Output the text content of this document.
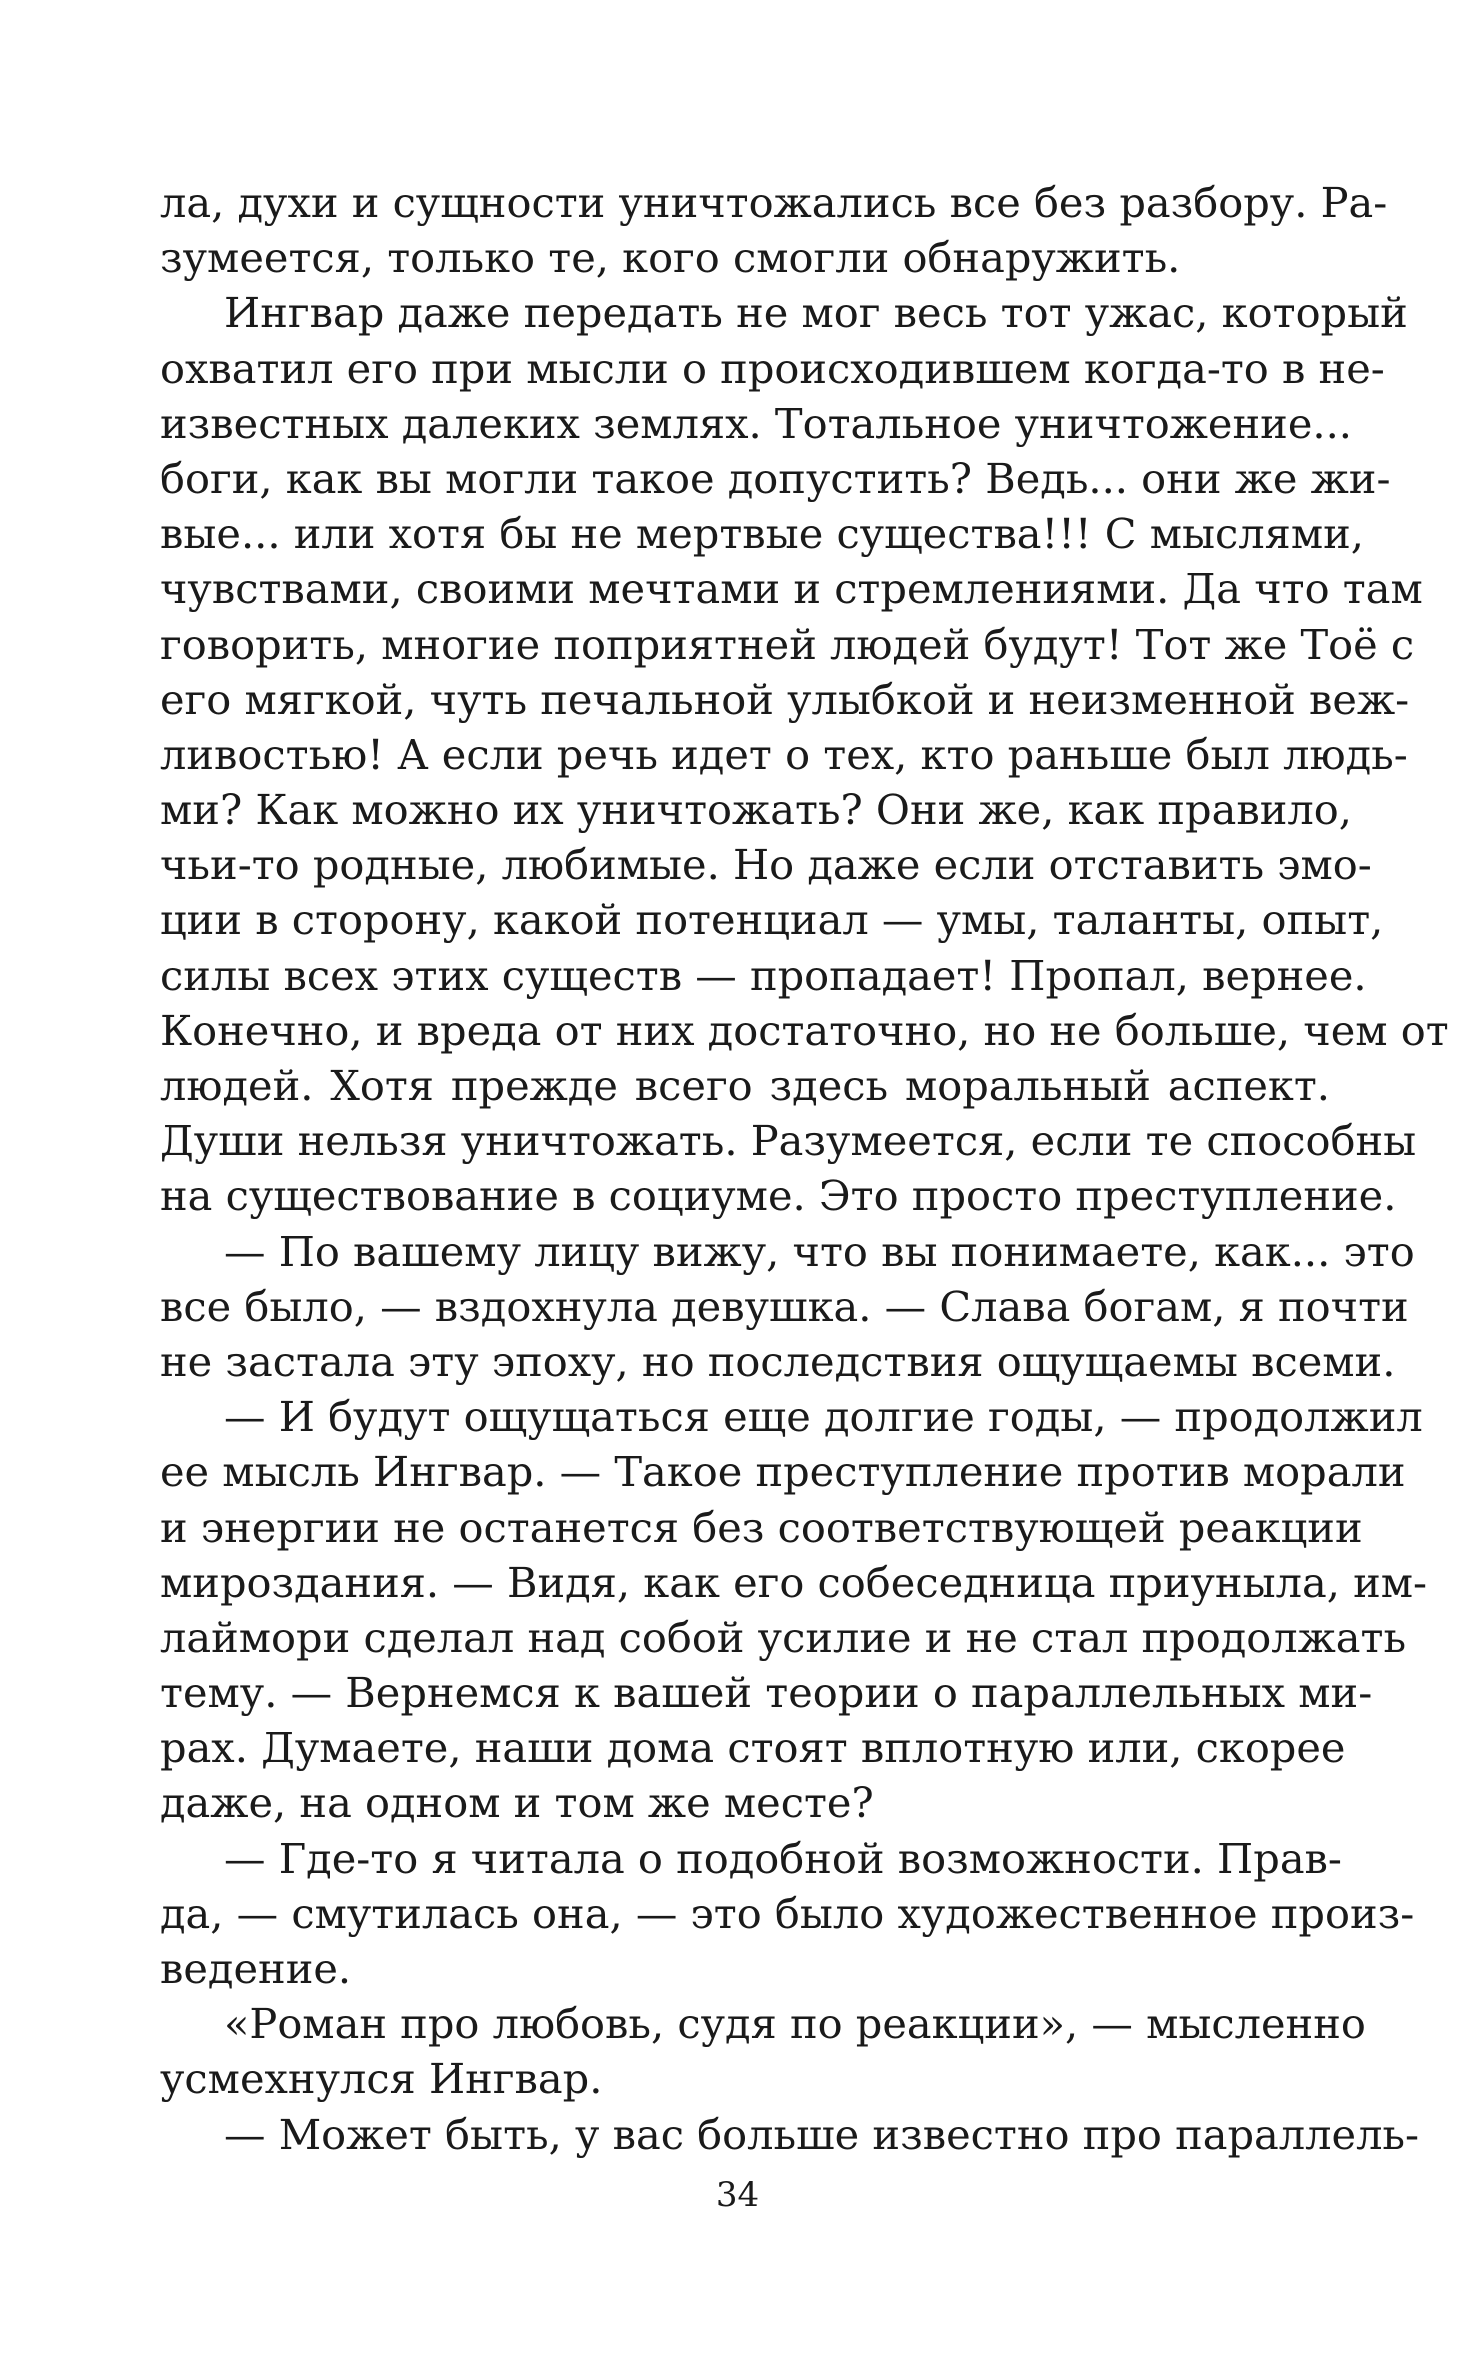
ла, духи и сущности уничтожались все без разбору. Ра-
зумеется, только те, кого смогли обнаружить.
Ингвар даже передать не мог весь тот ужас, который
охватил его при мысли о происходившем когда-то в не-
известных далеких землях. Тотальное уничтожение...
боги, как вы могли такое допустить? Ведь... они же жи-
вые... или хотя бы не мертвые существа!!! С мыслями,
чувствами, своими мечтами и стремлениями. Да что там
говорить, многие поприятней людей будут! Тот же Тоё с
его мягкой, чуть печальной улыбкой и неизменной веж-
ливостью! А если речь идет о тех, кто раньше был людь-
ми? Как можно их уничтожать? Они же, как правило,
чьи-то родные, любимые. Но даже если отставить эмо-
ции в сторону, какой потенциал — умы, таланты, опыт,
силы всех этих существ — пропадает! Пропал, вернее.
Конечно, и вреда от них достаточно, но не больше, чем от
людей. Хотя прежде всего здесь моральный аспект.
Души нельзя уничтожать. Разумеется, если те способны
на существование в социуме. Это просто преступление.
— По вашему лицу вижу, что вы понимаете, как... это
все было, — вздохнула девушка. — Слава богам, я почти
не застала эту эпоху, но последствия ощущаемы всеми.
— И будут ощущаться еще долгие годы, — продолжил
ее мысль Ингвар. — Такое преступление против морали
и энергии не останется без соответствующей реакции
мироздания. — Видя, как его собеседница приуныла, им-
лаймори сделал над собой усилие и не стал продолжать
тему. — Вернемся к вашей теории о параллельных ми-
рах. Думаете, наши дома стоят вплотную или, скорее
даже, на одном и том же месте?
— Где-то я читала о подобной возможности. Прав-
да, — смутилась она, — это было художественное произ-
ведение.
«Роман про любовь, судя по реакции», — мысленно
усмехнулся Ингвар.
— Может быть, у вас больше известно про параллель-
34
